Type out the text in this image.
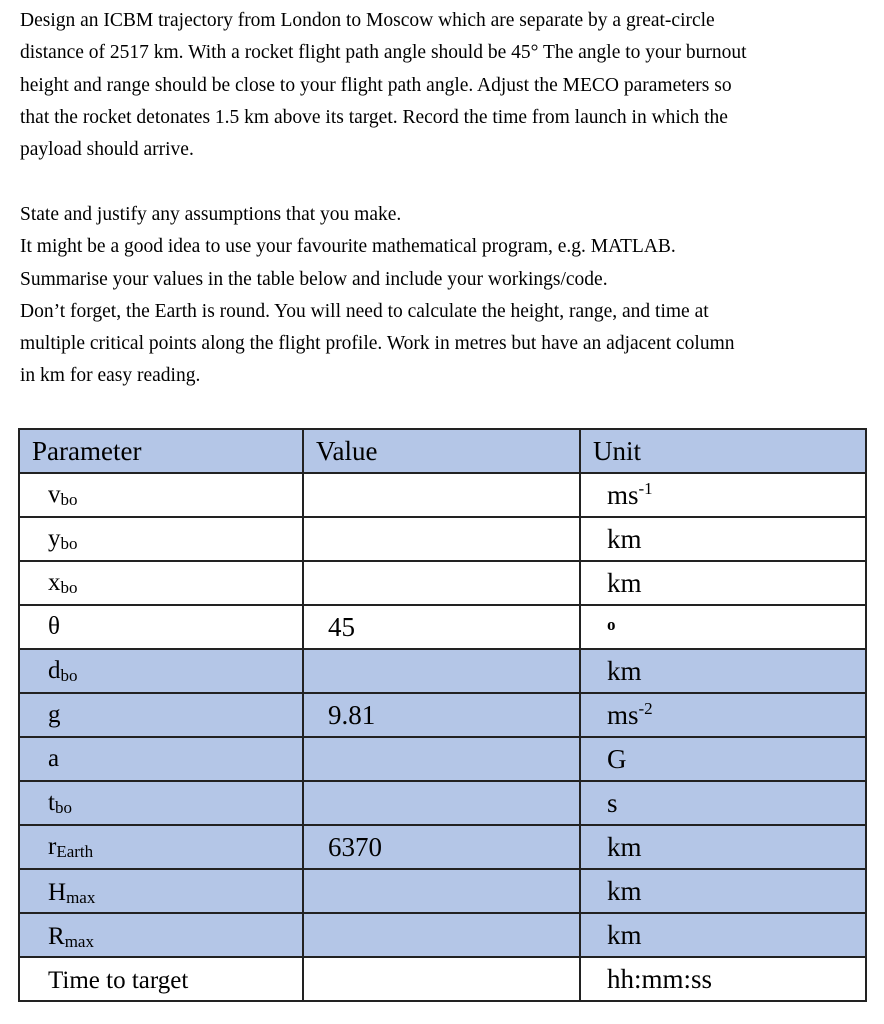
Design an ICBM trajectory from London to Moscow which are separate by a great-circle

distance of 2517 km. With a rocket flight path angle should be 45° The angle to your burnout

height and range should be close to your flight path angle. Adjust the MECO parameters so

that the rocket detonates 1.5 km above its target. Record the time from launch in which the

payload should arrive.

State and justify any assumptions that you make.

It might be a good idea to use your favourite mathematical program, e.g. MATLAB.

Summarise your values in the table below and include your workings/code.

Don’t forget, the Earth is round. You will need to calculate the height, range, and time at

multiple critical points along the flight profile. Work in metres but have an adjacent column

in km for easy reading.

Parameter	Value	Unit
vbo		$ms^{-1}$
ybo		km
xbo		km
θ	45	$^o$
dbo		km
g	9.81	$ms^{-2}$
a		G
tbo		s
rEarth	6370	km
Hmax		km
Rmax		km
Time to target		hh:mm:ss
